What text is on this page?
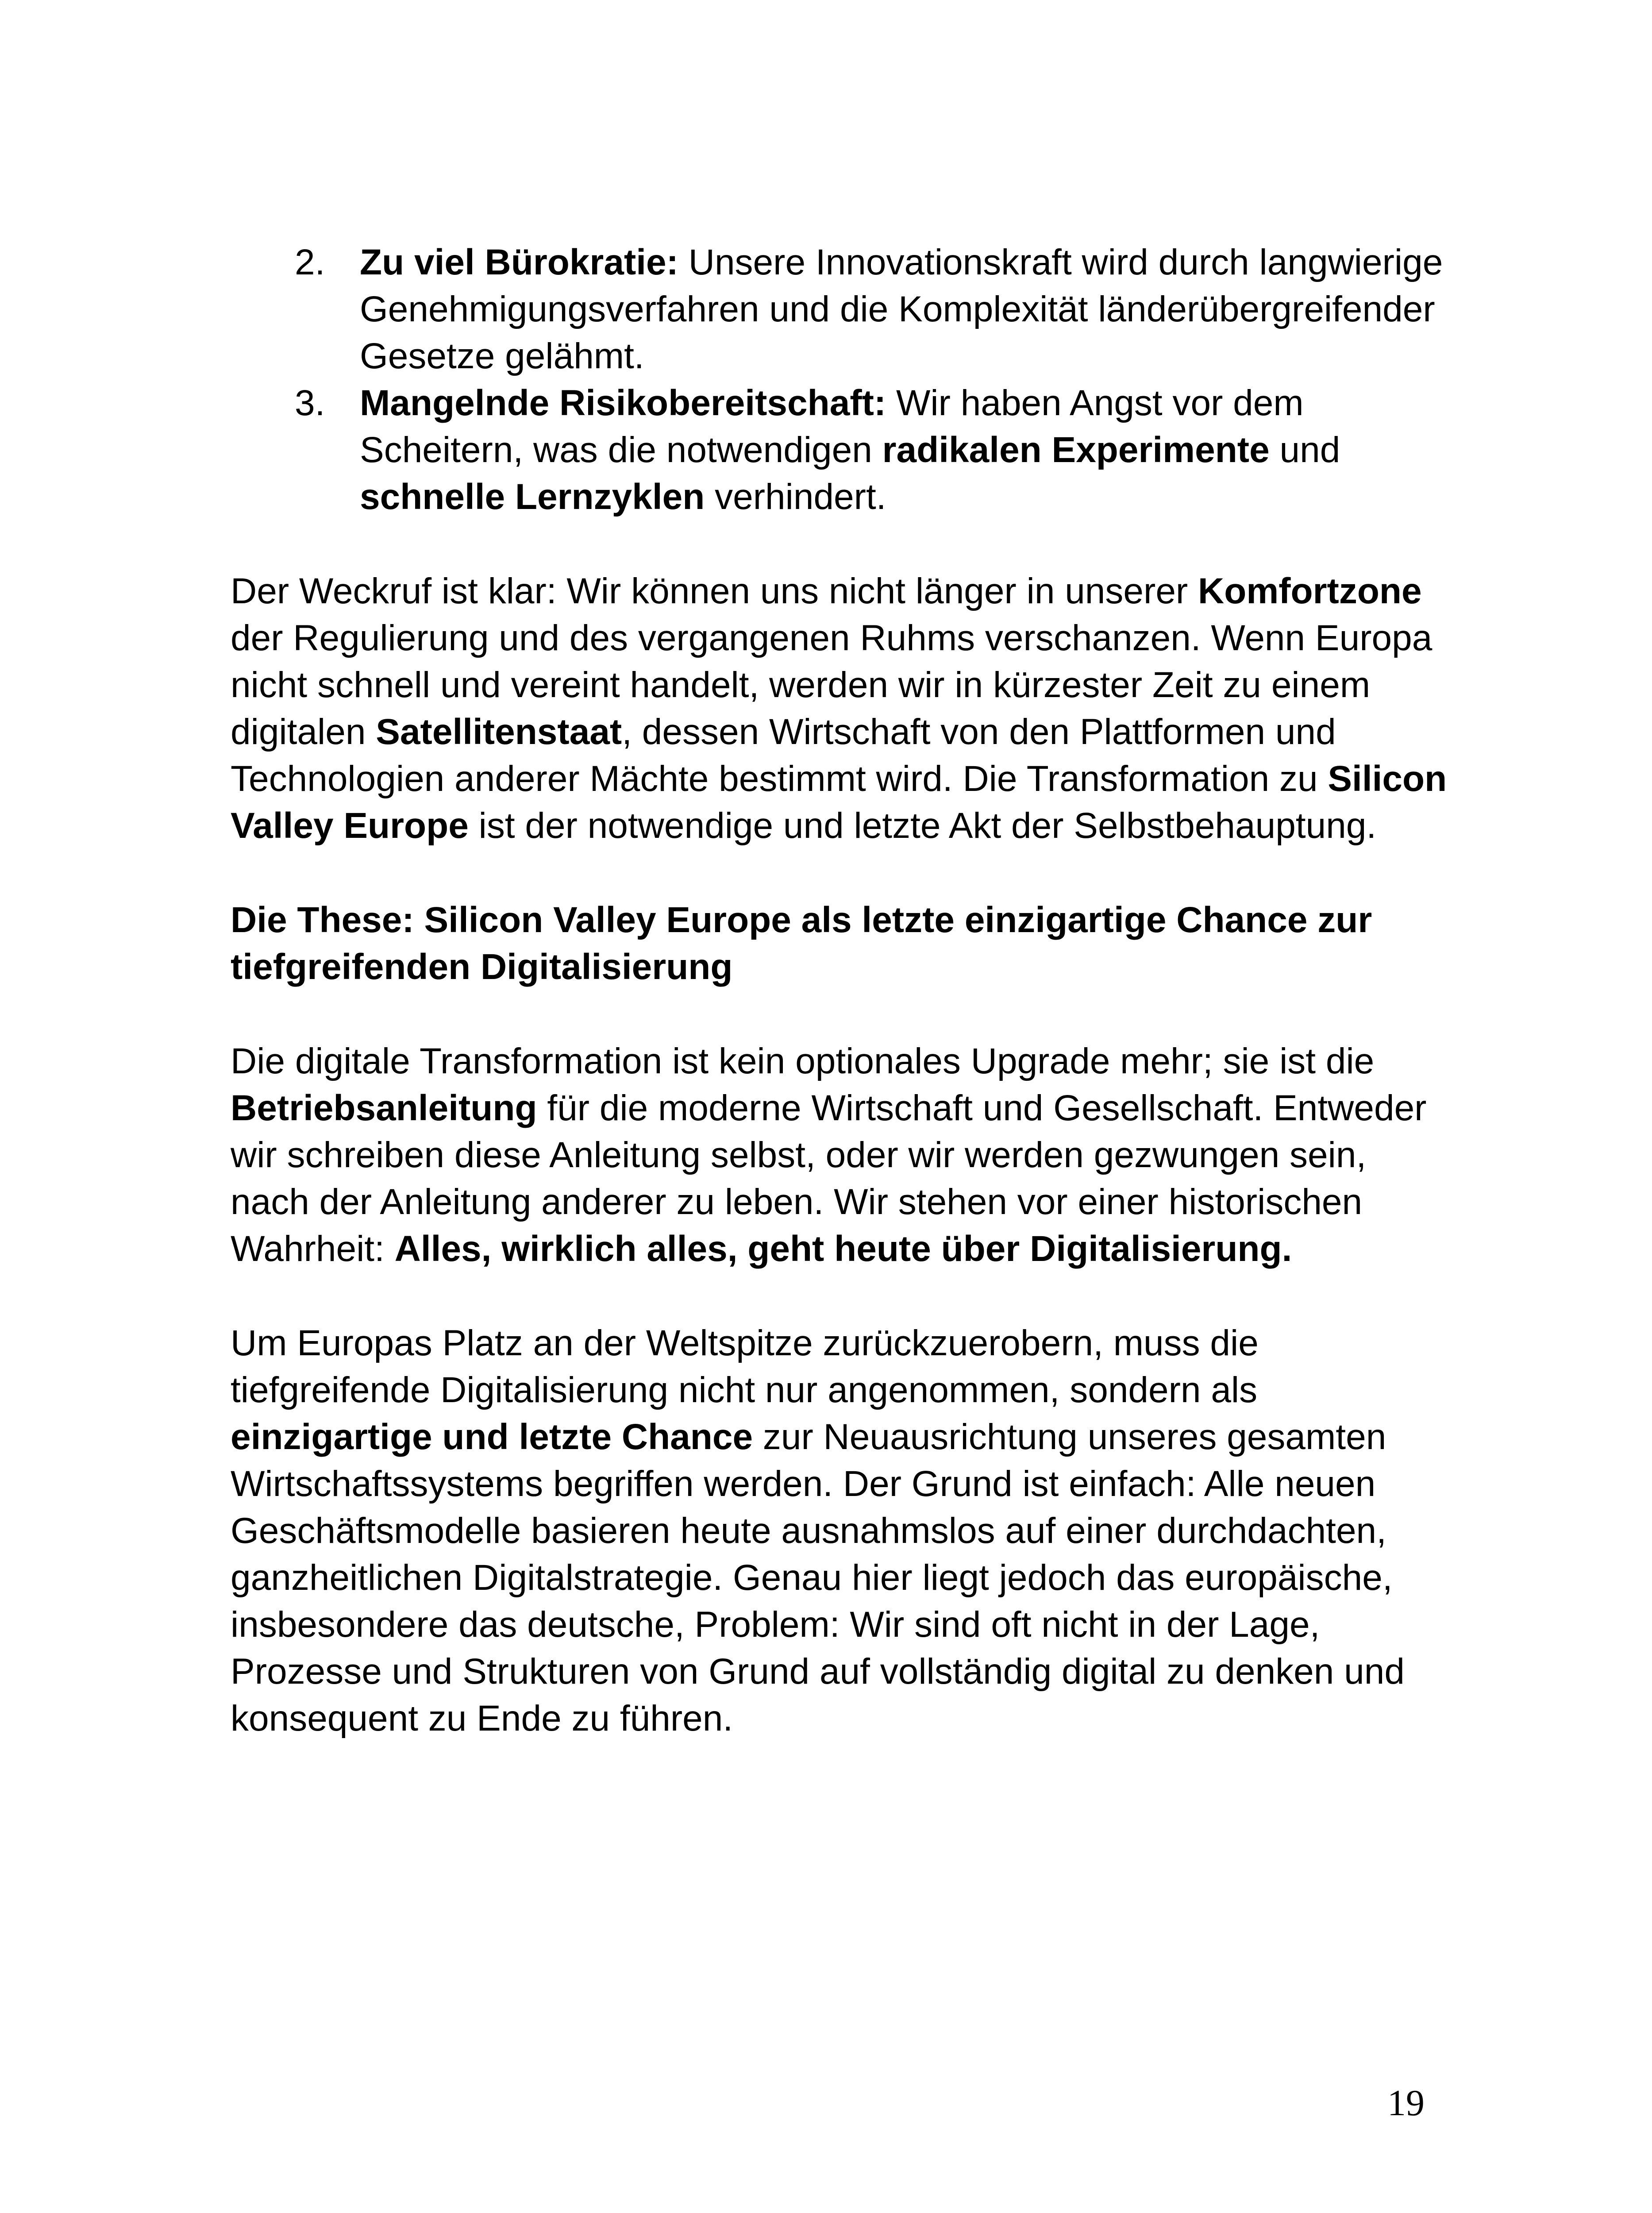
2. Zu viel Bürokratie: Unsere Innovationskraft wird durch langwierige Genehmigungsverfahren und die Komplexität länderübergreifender Gesetze gelähmt.
3. Mangelnde Risikobereitschaft: Wir haben Angst vor dem Scheitern, was die notwendigen radikalen Experimente und schnelle Lernzyklen verhindert.

Der Weckruf ist klar: Wir können uns nicht länger in unserer Komfortzone der Regulierung und des vergangenen Ruhms verschanzen. Wenn Europa nicht schnell und vereint handelt, werden wir in kürzester Zeit zu einem digitalen Satellitenstaat, dessen Wirtschaft von den Plattformen und Technologien anderer Mächte bestimmt wird. Die Transformation zu Silicon Valley Europe ist der notwendige und letzte Akt der Selbstbehauptung.

Die These: Silicon Valley Europe als letzte einzigartige Chance zur tiefgreifenden Digitalisierung

Die digitale Transformation ist kein optionales Upgrade mehr; sie ist die Betriebsanleitung für die moderne Wirtschaft und Gesellschaft. Entweder wir schreiben diese Anleitung selbst, oder wir werden gezwungen sein, nach der Anleitung anderer zu leben. Wir stehen vor einer historischen Wahrheit: Alles, wirklich alles, geht heute über Digitalisierung.

Um Europas Platz an der Weltspitze zurückzuerobern, muss die tiefgreifende Digitalisierung nicht nur angenommen, sondern als einzigartige und letzte Chance zur Neuausrichtung unseres gesamten Wirtschaftssystems begriffen werden. Der Grund ist einfach: Alle neuen Geschäftsmodelle basieren heute ausnahmslos auf einer durchdachten, ganzheitlichen Digitalstrategie. Genau hier liegt jedoch das europäische, insbesondere das deutsche, Problem: Wir sind oft nicht in der Lage, Prozesse und Strukturen von Grund auf vollständig digital zu denken und konsequent zu Ende zu führen.

19
